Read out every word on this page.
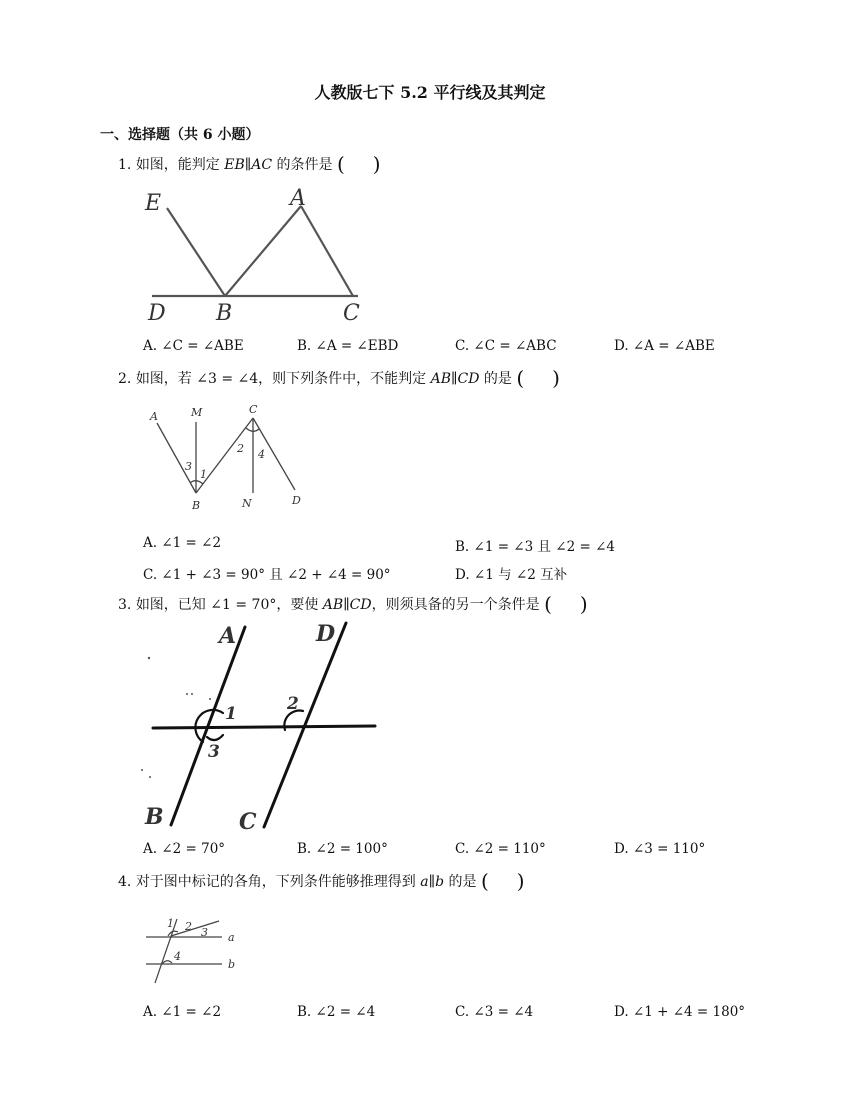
人教版七下 5.2 平行线及其判定
一、选择题（共 6 小题）
1. 如图，能判定 EB∥AC 的条件是 ( )
E	A
D B	C
A. ∠C = ∠ABE	B. ∠A = ∠EBD	C. ∠C = ∠ABC	D. ∠A = ∠ABE
2. 如图，若 ∠3 = ∠4，则下列条件中，不能判定 AB∥CD 的是 ( )
A	M	C
3
1
2 4
B	N	D
A. ∠1 = ∠2	B. ∠1 = ∠3 且 ∠2 = ∠4
C. ∠1 + ∠3 = 90° 且 ∠2 + ∠4 = 90°	D. ∠1 与 ∠2 互补
3. 如图，已知 ∠1 = 70°，要使 AB∥CD，则须具备的另一个条件是 ( )
A	D
1	2
3
B	C
A. ∠2 = 70°	B. ∠2 = 100°	C. ∠2 = 110°	D. ∠3 = 110°
4. 对于图中标记的各角，下列条件能够推理得到 a∥b 的是 ( )
1 2 3 a
4
b
A. ∠1 = ∠2	B. ∠2 = ∠4	C. ∠3 = ∠4	D. ∠1 + ∠4 = 180°
